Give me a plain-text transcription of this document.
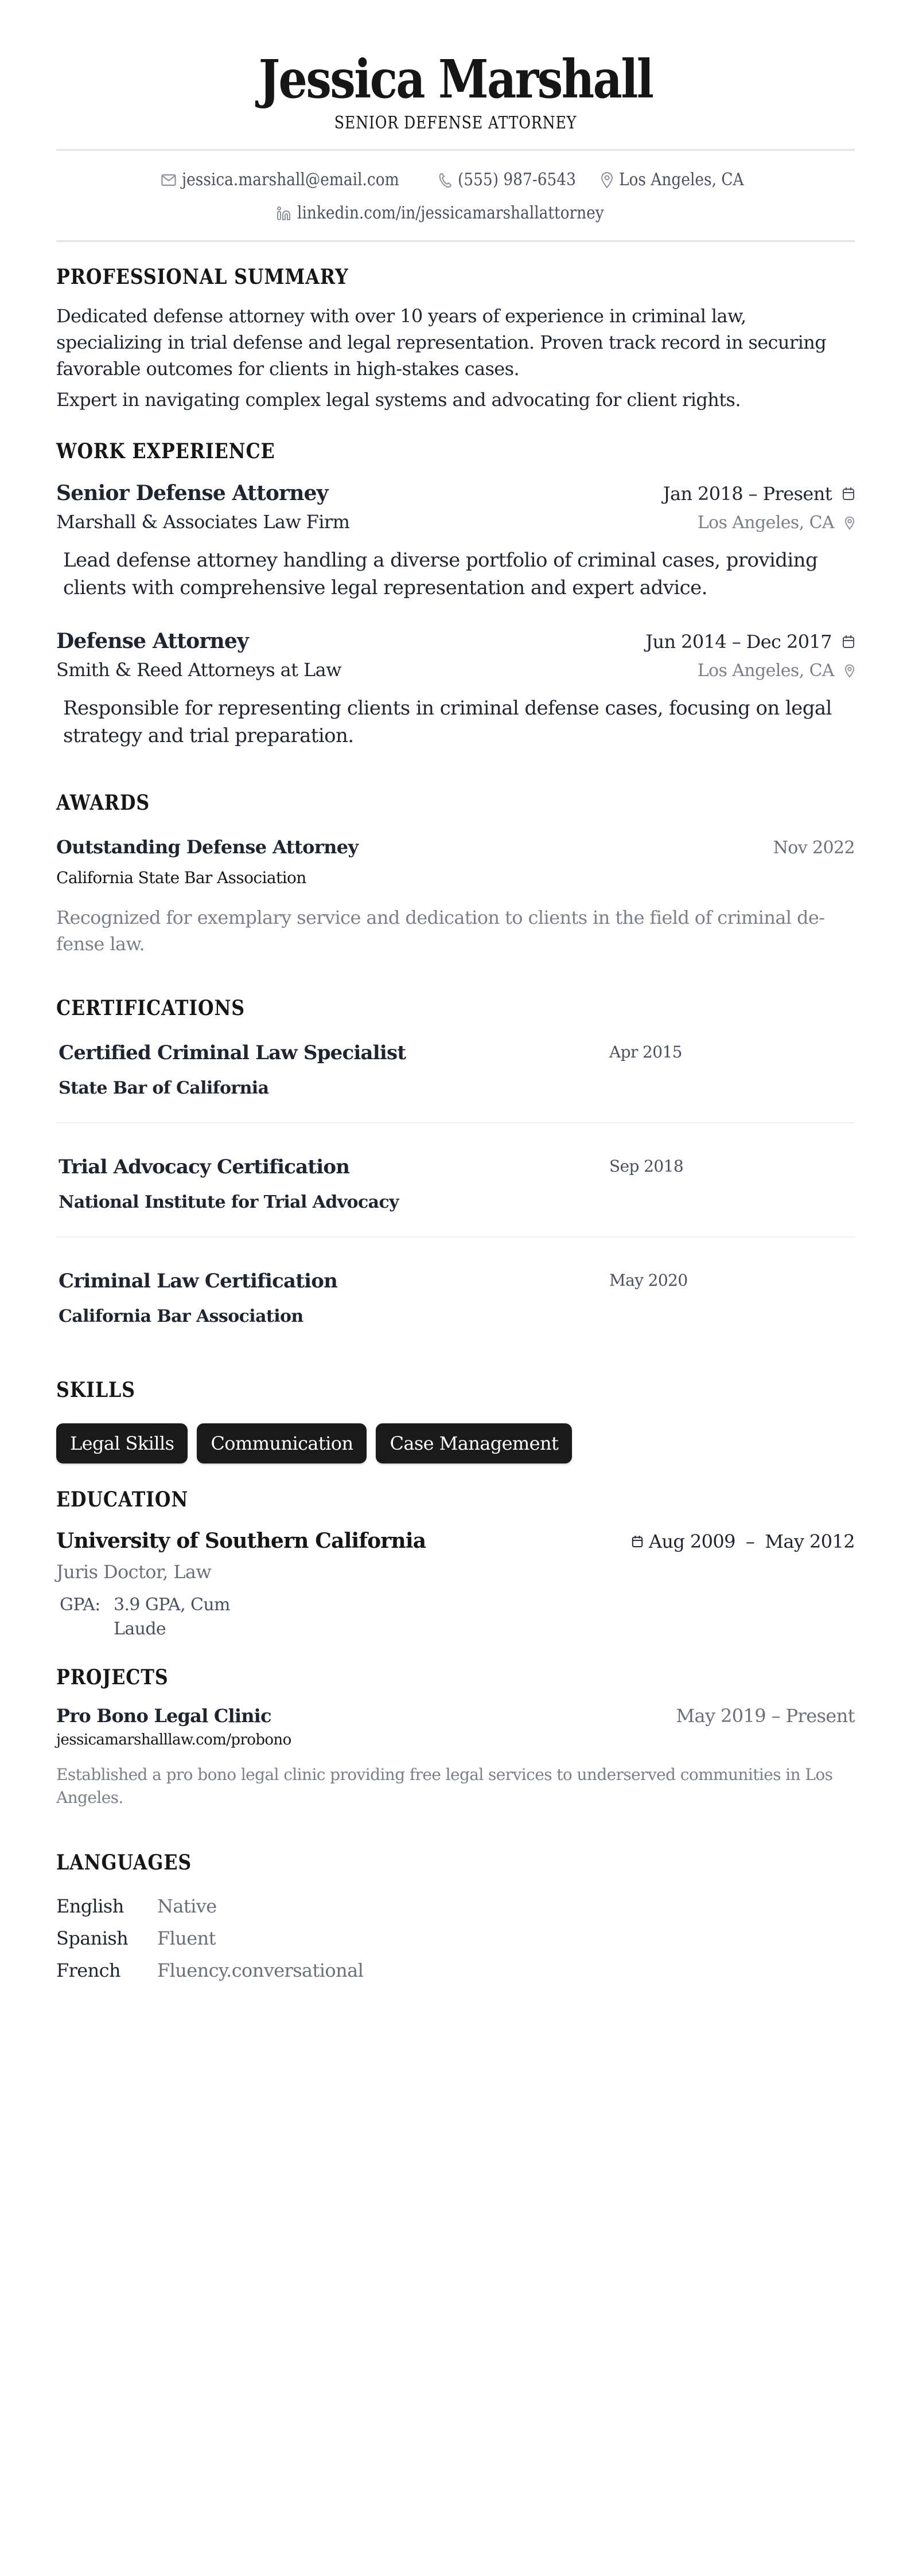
Jessica Marshall
SENIOR DEFENSE ATTORNEY
jessica.marshall@email.com	(555) 987-6543	Los Angeles, CA
linkedin.com/in/jessicamarshallattorney
PROFESSIONAL SUMMARY

Dedicated defense attorney with over 10 years of experience in criminal law, specializing in trial defense and legal representation. Proven track record in securing favorable outcomes for clients in high-stakes cases.

Expert in navigating complex legal systems and advocating for client rights.

WORK EXPERIENCE
Senior Defense Attorney	Jan 2018 – Present
Marshall & Associates Law Firm	Los Angeles, CA

Lead defense attorney handling a diverse portfolio of criminal cases, providing clients with comprehensive legal representation and expert advice.

Defense Attorney	Jun 2014 – Dec 2017
Smith & Reed Attorneys at Law	Los Angeles, CA

Responsible for representing clients in criminal defense cases, focusing on legal strategy and trial preparation.

AWARDS
Outstanding Defense Attorney	Nov 2022
California State Bar Association

Recognized for exemplary service and dedication to clients in the field of criminal defense law.

CERTIFICATIONS
Certified Criminal Law Specialist
State Bar of California
Apr 2015
Trial Advocacy Certification
National Institute for Trial Advocacy
Sep 2018
Criminal Law Certification
California Bar Association
May 2020
SKILLS
Legal Skills	Communication	Case Management
EDUCATION
University of Southern California	Aug 2009 – May 2012
Juris Doctor, Law
GPA: 3.9 GPA, Cum Laude
PROJECTS
Pro Bono Legal Clinic	May 2019 – Present
jessicamarshalllaw.com/probono

Established a pro bono legal clinic providing free legal services to underserved communities in Los Angeles.

LANGUAGES
English	Native
Spanish	Fluent
French	Fluency.conversational
